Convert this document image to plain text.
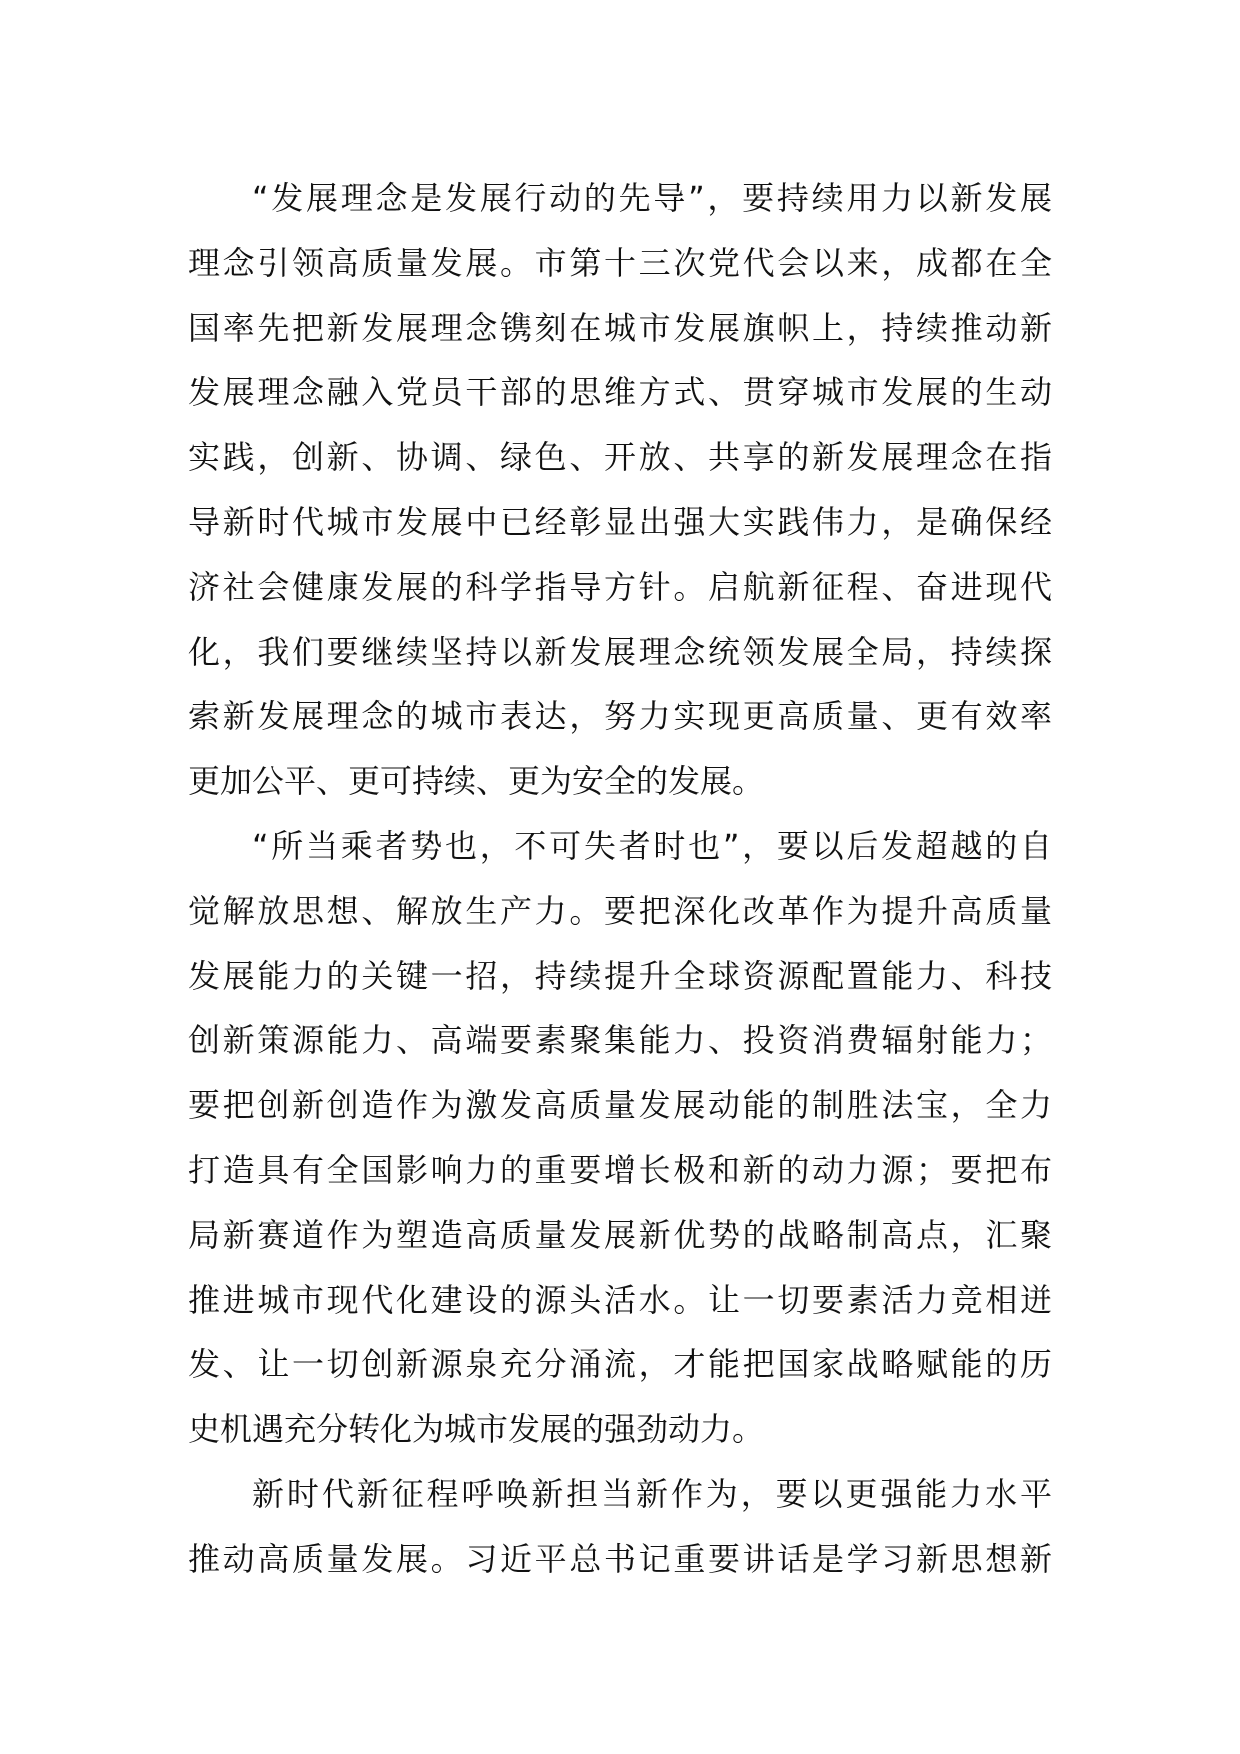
“发展理念是发展行动的先导”，要持续用力以新发展
理念引领高质量发展。市第十三次党代会以来，成都在全
国率先把新发展理念镌刻在城市发展旗帜上，持续推动新
发展理念融入党员干部的思维方式、贯穿城市发展的生动
实践，创新、协调、绿色、开放、共享的新发展理念在指
导新时代城市发展中已经彰显出强大实践伟力，是确保经
济社会健康发展的科学指导方针。启航新征程、奋进现代
化，我们要继续坚持以新发展理念统领发展全局，持续探
索新发展理念的城市表达，努力实现更高质量、更有效率
更加公平、更可持续、更为安全的发展。
“所当乘者势也，不可失者时也”，要以后发超越的自
觉解放思想、解放生产力。要把深化改革作为提升高质量
发展能力的关键一招，持续提升全球资源配置能力、科技
创新策源能力、高端要素聚集能力、投资消费辐射能力；
要把创新创造作为激发高质量发展动能的制胜法宝，全力
打造具有全国影响力的重要增长极和新的动力源；要把布
局新赛道作为塑造高质量发展新优势的战略制高点，汇聚
推进城市现代化建设的源头活水。让一切要素活力竞相迸
发、让一切创新源泉充分涌流，才能把国家战略赋能的历
史机遇充分转化为城市发展的强劲动力。
新时代新征程呼唤新担当新作为，要以更强能力水平
推动高质量发展。习近平总书记重要讲话是学习新思想新
